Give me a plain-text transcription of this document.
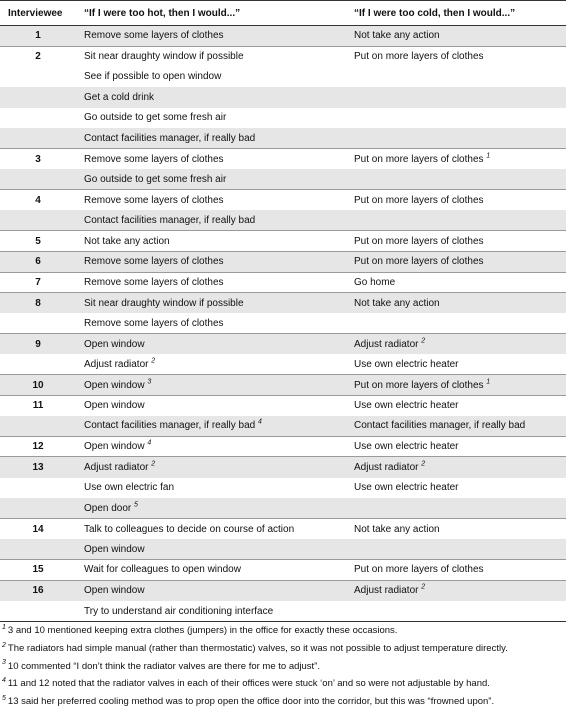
Interviewee	“If I were too hot, then I would...”	“If I were too cold, then I would...”
1	Remove some layers of clothes	Not take any action
2	Sit near draughty window if possible	Put on more layers of clothes
	See if possible to open window	
	Get a cold drink	
	Go outside to get some fresh air	
	Contact facilities manager, if really bad	
3	Remove some layers of clothes	Put on more layers of clothes $^1$
	Go outside to get some fresh air	
4	Remove some layers of clothes	Put on more layers of clothes
	Contact facilities manager, if really bad	
5	Not take any action	Put on more layers of clothes
6	Remove some layers of clothes	Put on more layers of clothes
7	Remove some layers of clothes	Go home
8	Sit near draughty window if possible	Not take any action
	Remove some layers of clothes	
9	Open window	Adjust radiator $^2$
	Adjust radiator $^2$	Use own electric heater
10	Open window $^3$	Put on more layers of clothes $^1$
11	Open window	Use own electric heater
	Contact facilities manager, if really bad $^4$	Contact facilities manager, if really bad
12	Open window $^4$	Use own electric heater
13	Adjust radiator $^2$	Adjust radiator $^2$
	Use own electric fan	Use own electric heater
	Open door $^5$	
14	Talk to colleagues to decide on course of action	Not take any action
	Open window	
15	Wait for colleagues to open window	Put on more layers of clothes
16	Open window	Adjust radiator $^2$
	Try to understand air conditioning interface	
$^1$ 3 and 10 mentioned keeping extra clothes (jumpers) in the office for exactly these occasions.
$^2$ The radiators had simple manual (rather than thermostatic) valves, so it was not possible to adjust temperature directly.
$^3$ 10 commented “I don’t think the radiator valves are there for me to adjust”.
$^4$ 11 and 12 noted that the radiator valves in each of their offices were stuck ‘on’ and so were not adjustable by hand.
$^5$ 13 said her preferred cooling method was to prop open the office door into the corridor, but this was “frowned upon”.
